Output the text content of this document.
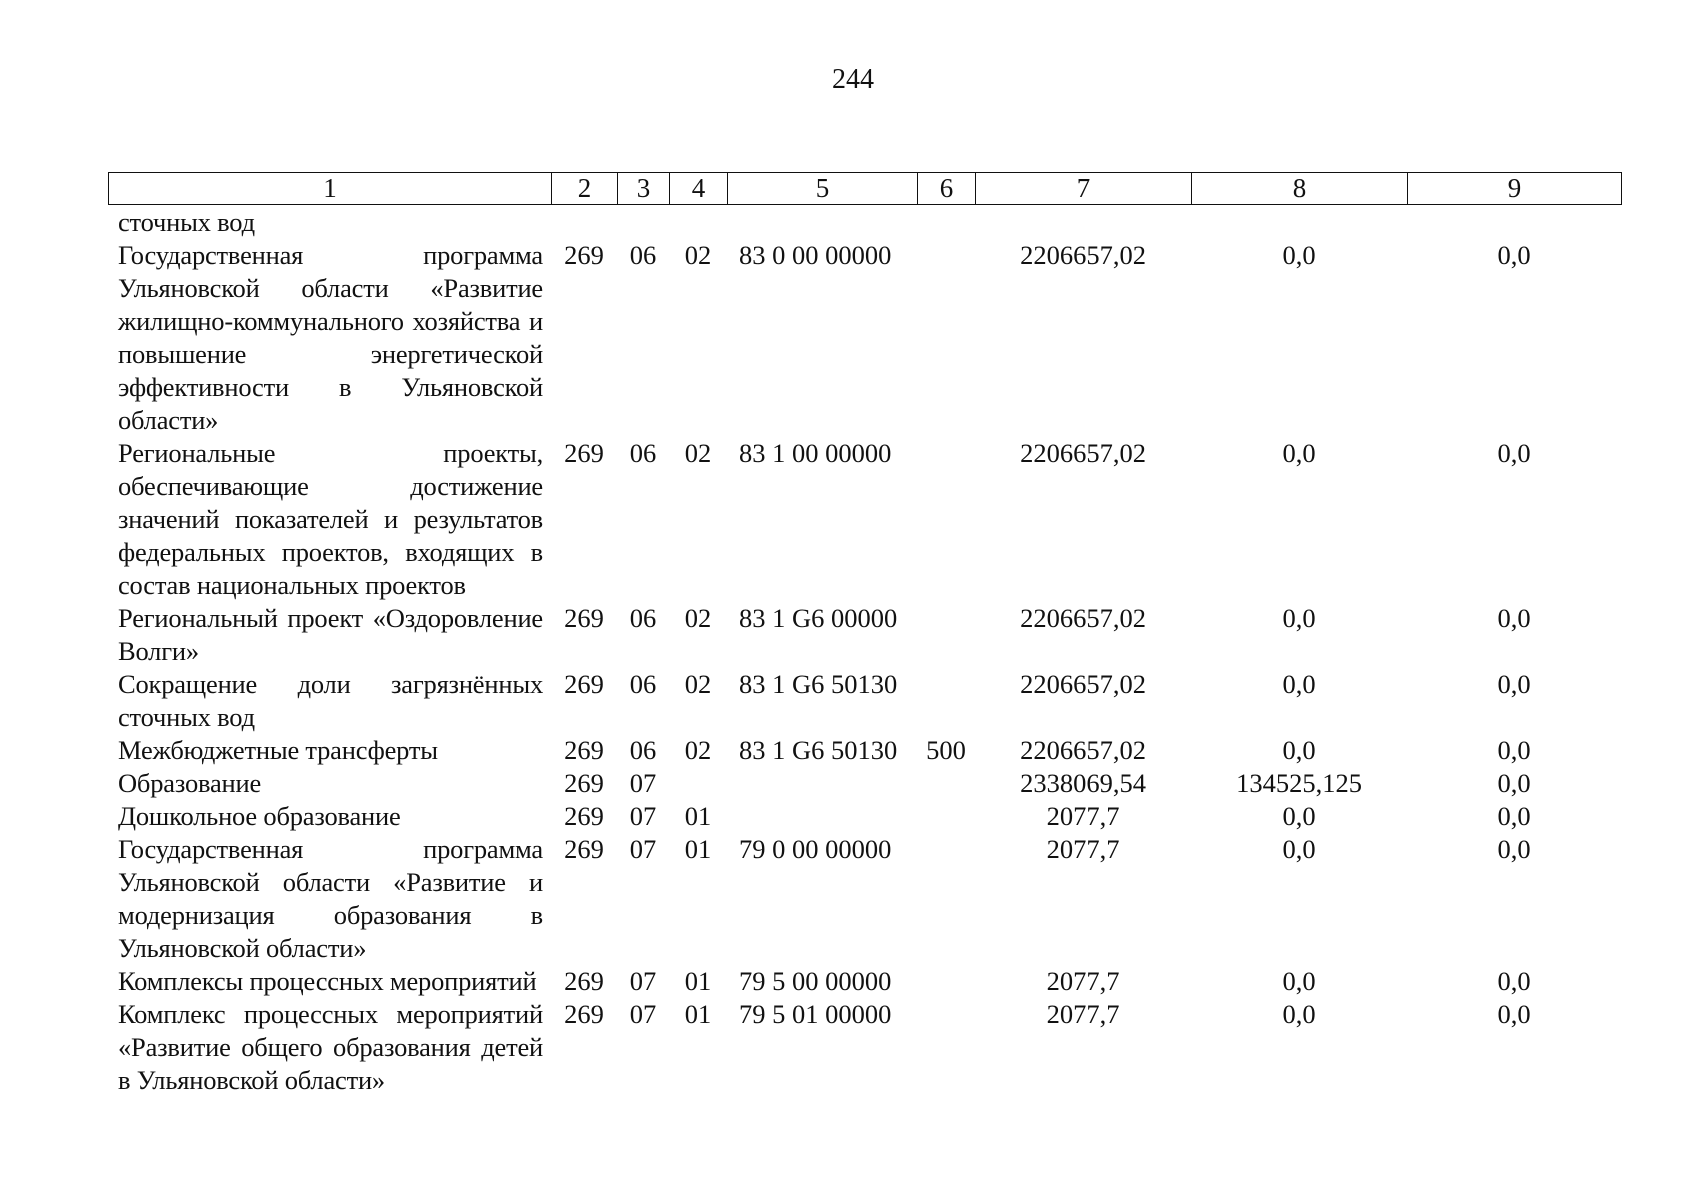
244
1	2	3	4	5	6	7	8	9
сточных вод								
Государственная программа Ульяновской области «Развитие жилищно-коммунального хозяйства и повышение энергетической эффективности в Ульяновской области»	269	06	02	83 0 00 00000		2206657,02	0,0	0,0
Региональные проекты, обеспечивающие достижение значений показателей и результатов федеральных проектов, входящих в состав национальных проектов	269	06	02	83 1 00 00000		2206657,02	0,0	0,0
Региональный проект «Оздоровление Волги»	269	06	02	83 1 G6 00000		2206657,02	0,0	0,0
Сокращение доли загрязнённых сточных вод	269	06	02	83 1 G6 50130		2206657,02	0,0	0,0
Межбюджетные трансферты	269	06	02	83 1 G6 50130	500	2206657,02	0,0	0,0
Образование	269	07				2338069,54	134525,125	0,0
Дошкольное образование	269	07	01			2077,7	0,0	0,0
Государственная программа Ульяновской области «Развитие и модернизация образования в Ульяновской области»	269	07	01	79 0 00 00000		2077,7	0,0	0,0
Комплексы процессных мероприятий	269	07	01	79 5 00 00000		2077,7	0,0	0,0
Комплекс процессных мероприятий «Развитие общего образования детей в Ульяновской области»	269	07	01	79 5 01 00000		2077,7	0,0	0,0
